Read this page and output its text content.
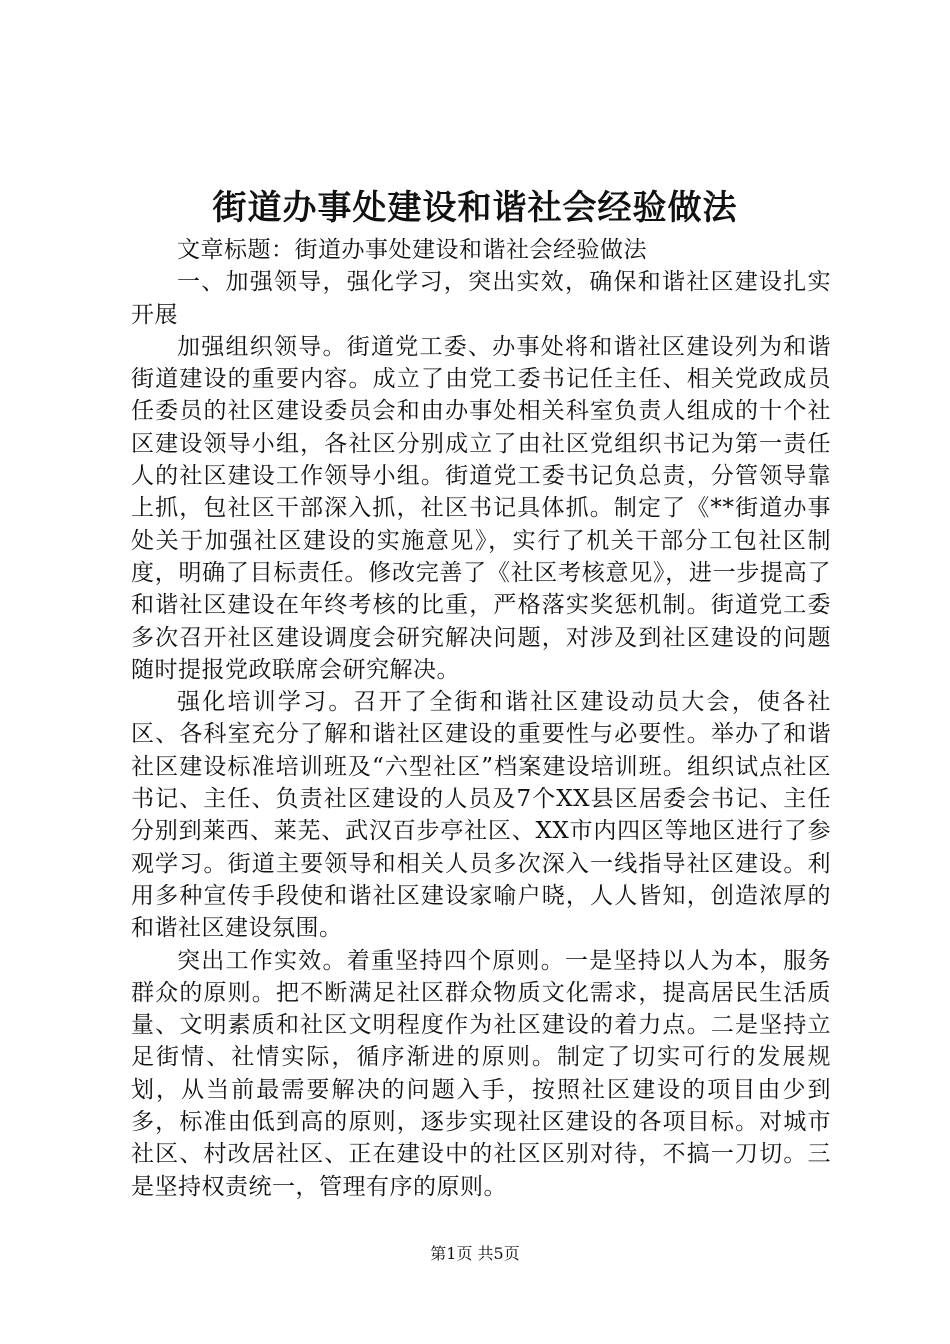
街道办事处建设和谐社会经验做法

文章标题：街道办事处建设和谐社会经验做法

一、加强领导，强化学习，突出实效，确保和谐社区建设扎实开展

加强组织领导。街道党工委、办事处将和谐社区建设列为和谐街道建设的重要内容。成立了由党工委书记任主任、相关党政成员任委员的社区建设委员会和由办事处相关科室负责人组成的十个社区建设领导小组，各社区分别成立了由社区党组织书记为第一责任人的社区建设工作领导小组。街道党工委书记负总责，分管领导靠上抓，包社区干部深入抓，社区书记具体抓。制定了《**街道办事处关于加强社区建设的实施意见》，实行了机关干部分工包社区制度，明确了目标责任。修改完善了《社区考核意见》，进一步提高了和谐社区建设在年终考核的比重，严格落实奖惩机制。街道党工委多次召开社区建设调度会研究解决问题，对涉及到社区建设的问题随时提报党政联席会研究解决。

强化培训学习。召开了全街和谐社区建设动员大会，使各社区、各科室充分了解和谐社区建设的重要性与必要性。举办了和谐社区建设标准培训班及“六型社区”档案建设培训班。组织试点社区书记、主任、负责社区建设的人员及7个XX县区居委会书记、主任分别到莱西、莱芜、武汉百步亭社区、XX市内四区等地区进行了参观学习。街道主要领导和相关人员多次深入一线指导社区建设。利用多种宣传手段使和谐社区建设家喻户晓，人人皆知，创造浓厚的和谐社区建设氛围。

突出工作实效。着重坚持四个原则。一是坚持以人为本，服务群众的原则。把不断满足社区群众物质文化需求，提高居民生活质量、文明素质和社区文明程度作为社区建设的着力点。二是坚持立足街情、社情实际，循序渐进的原则。制定了切实可行的发展规划，从当前最需要解决的问题入手，按照社区建设的项目由少到多，标准由低到高的原则，逐步实现社区建设的各项目标。对城市社区、村改居社区、正在建设中的社区区别对待，不搞一刀切。三是坚持权责统一，管理有序的原则。

第1页 共5页
